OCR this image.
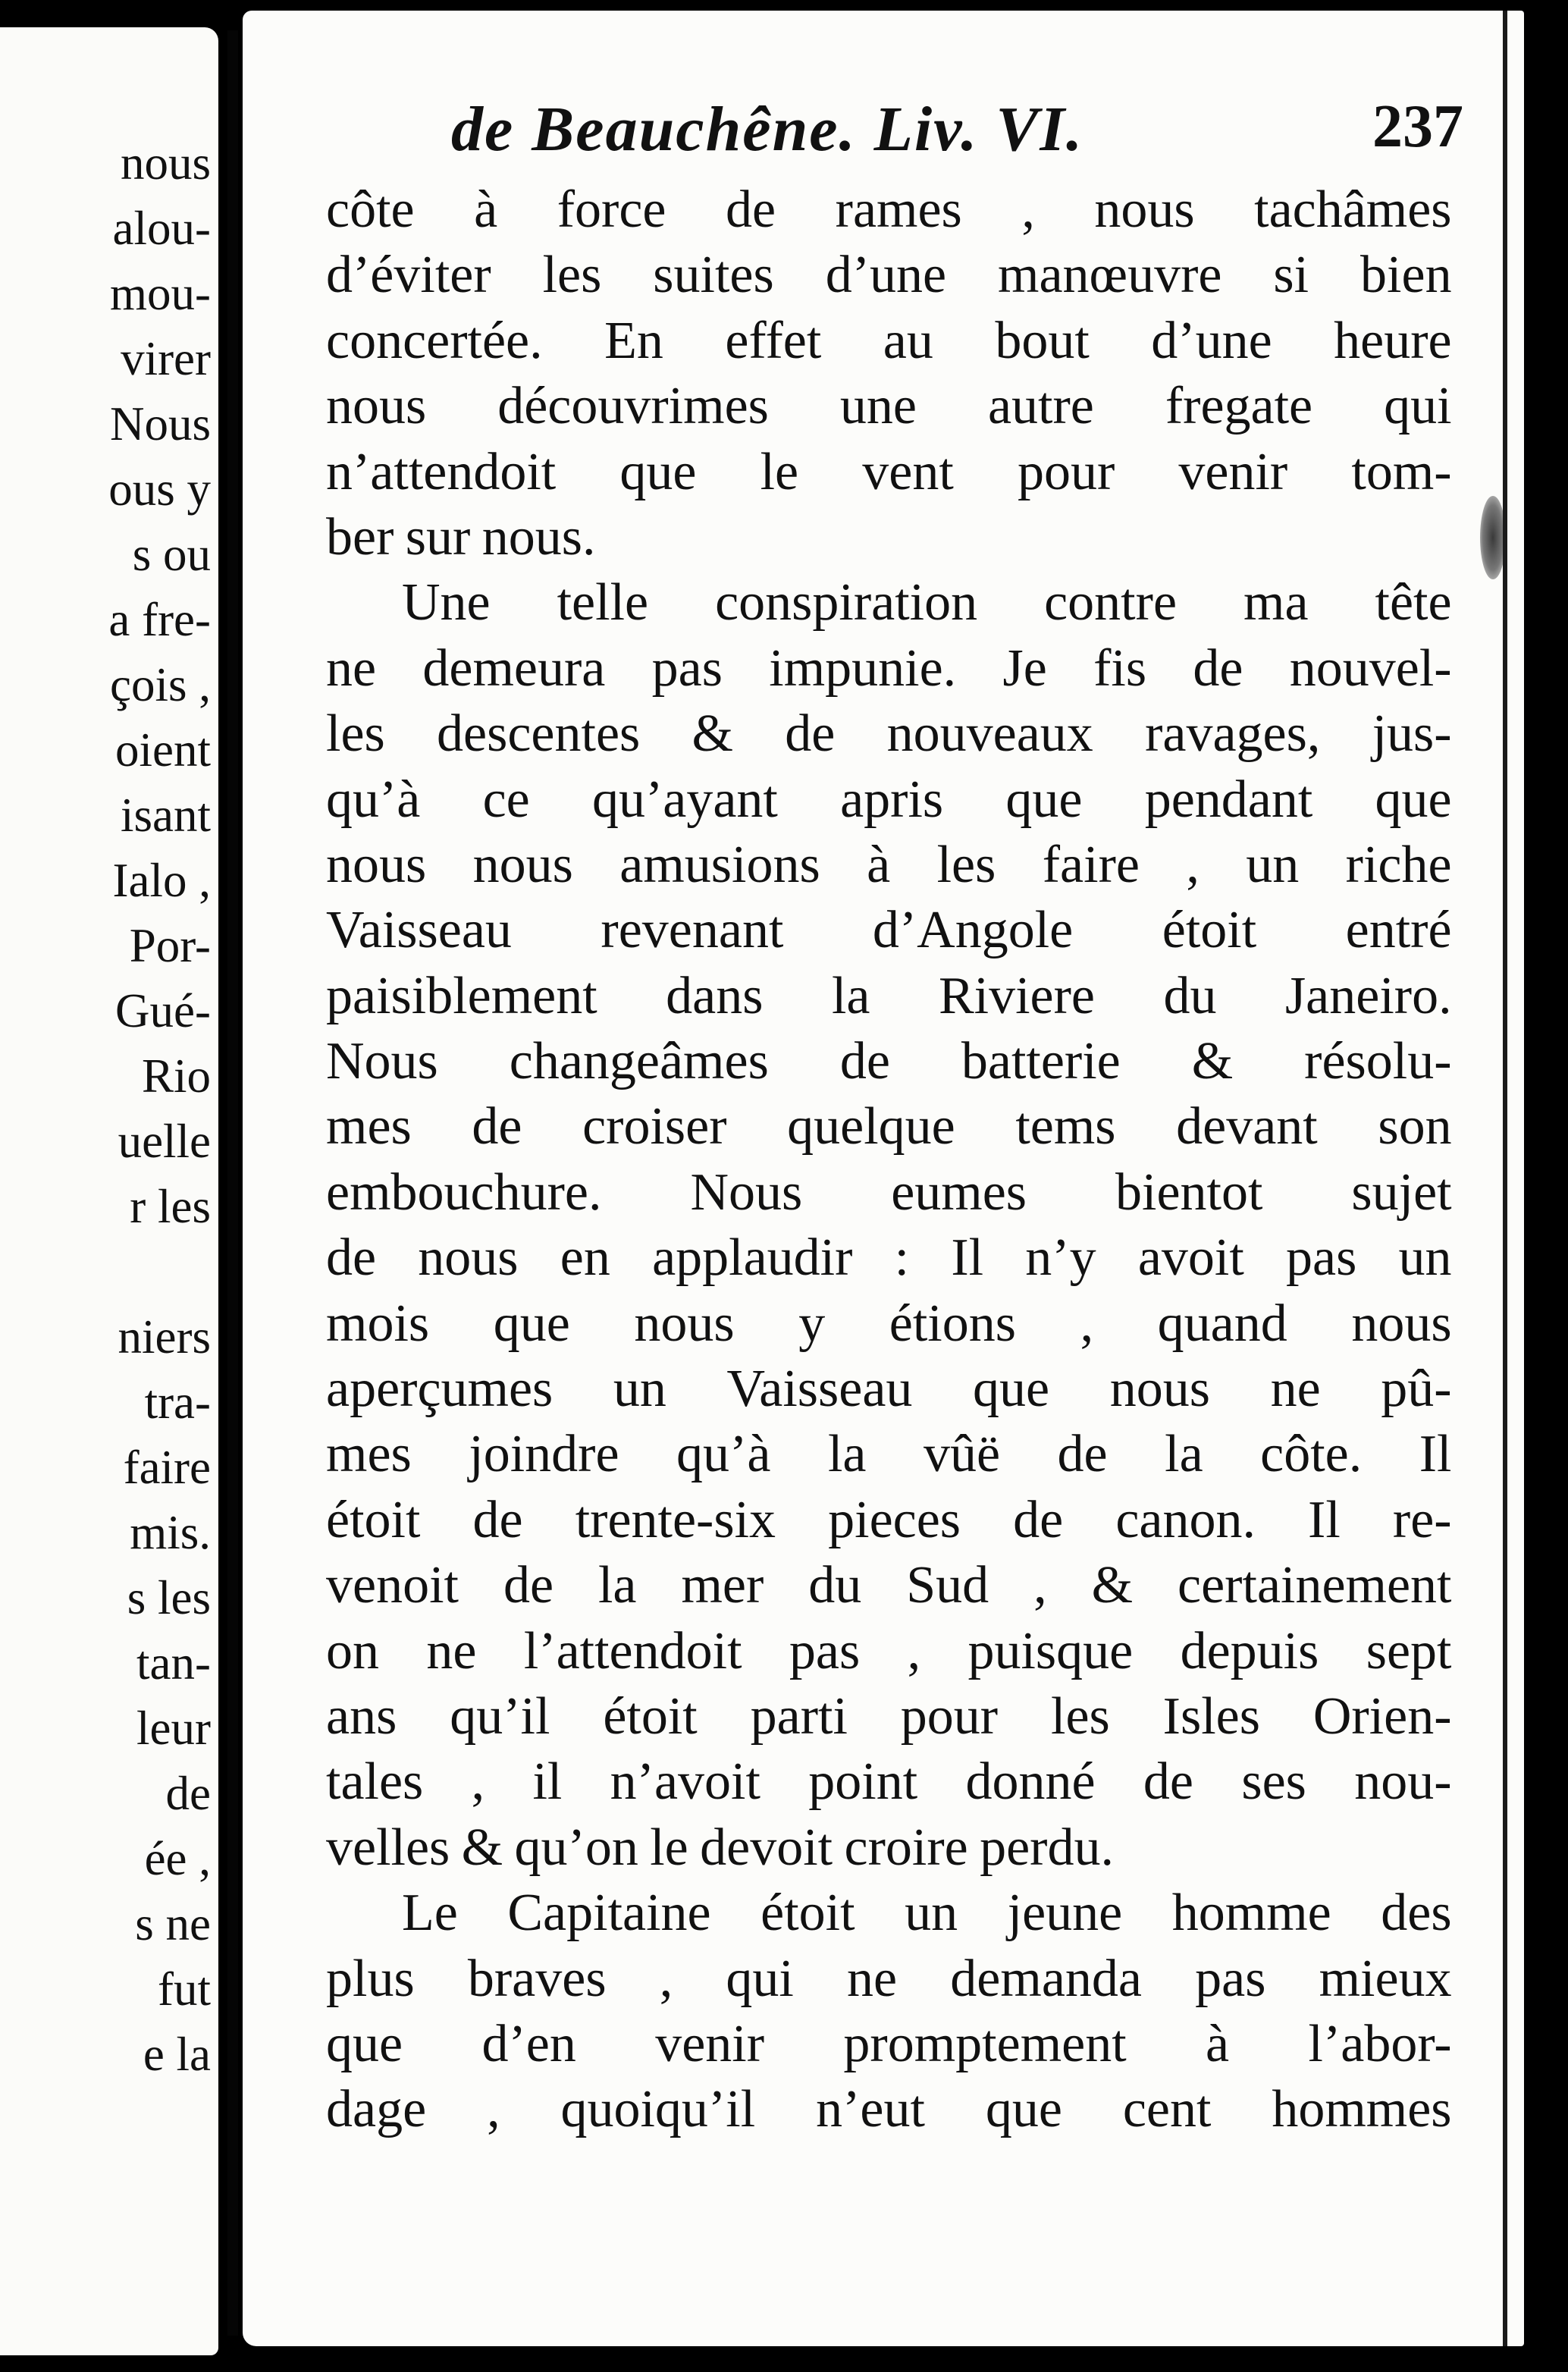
nous
alou-
mou-
virer
Nous
ous y
s ou
a fre-
çois ,
oient
isant
Ialo ,
Por-
Gué-
Rio
uelle
r les
niers
tra-
faire
mis.
s les
tan-
leur
de
ée ,
s ne
fut
e la
de Beauchêne. Liv. VI.	237
côte à force de rames , nous tachâmes
d’éviter les suites d’une manœuvre si bien
concertée. En effet au bout d’une heure
nous découvrimes une autre fregate qui
n’attendoit que le vent pour venir tom-
ber sur nous.
Une telle conspiration contre ma tête
ne demeura pas impunie. Je fis de nouvel-
les descentes & de nouveaux ravages, jus-
qu’à ce qu’ayant apris que pendant que
nous nous amusions à les faire , un riche
Vaisseau revenant d’Angole étoit entré
paisiblement dans la Riviere du Janeiro.
Nous changeâmes de batterie & résolu-
mes de croiser quelque tems devant son
embouchure. Nous eumes bientot sujet
de nous en applaudir : Il n’y avoit pas un
mois que nous y étions , quand nous
aperçumes un Vaisseau que nous ne pû-
mes joindre qu’à la vûë de la côte. Il
étoit de trente-six pieces de canon. Il re-
venoit de la mer du Sud , & certainement
on ne l’attendoit pas , puisque depuis sept
ans qu’il étoit parti pour les Isles Orien-
tales , il n’avoit point donné de ses nou-
velles & qu’on le devoit croire perdu.
Le Capitaine étoit un jeune homme des
plus braves , qui ne demanda pas mieux
que d’en venir promptement à l’abor-
dage , quoiqu’il n’eut que cent hommes
